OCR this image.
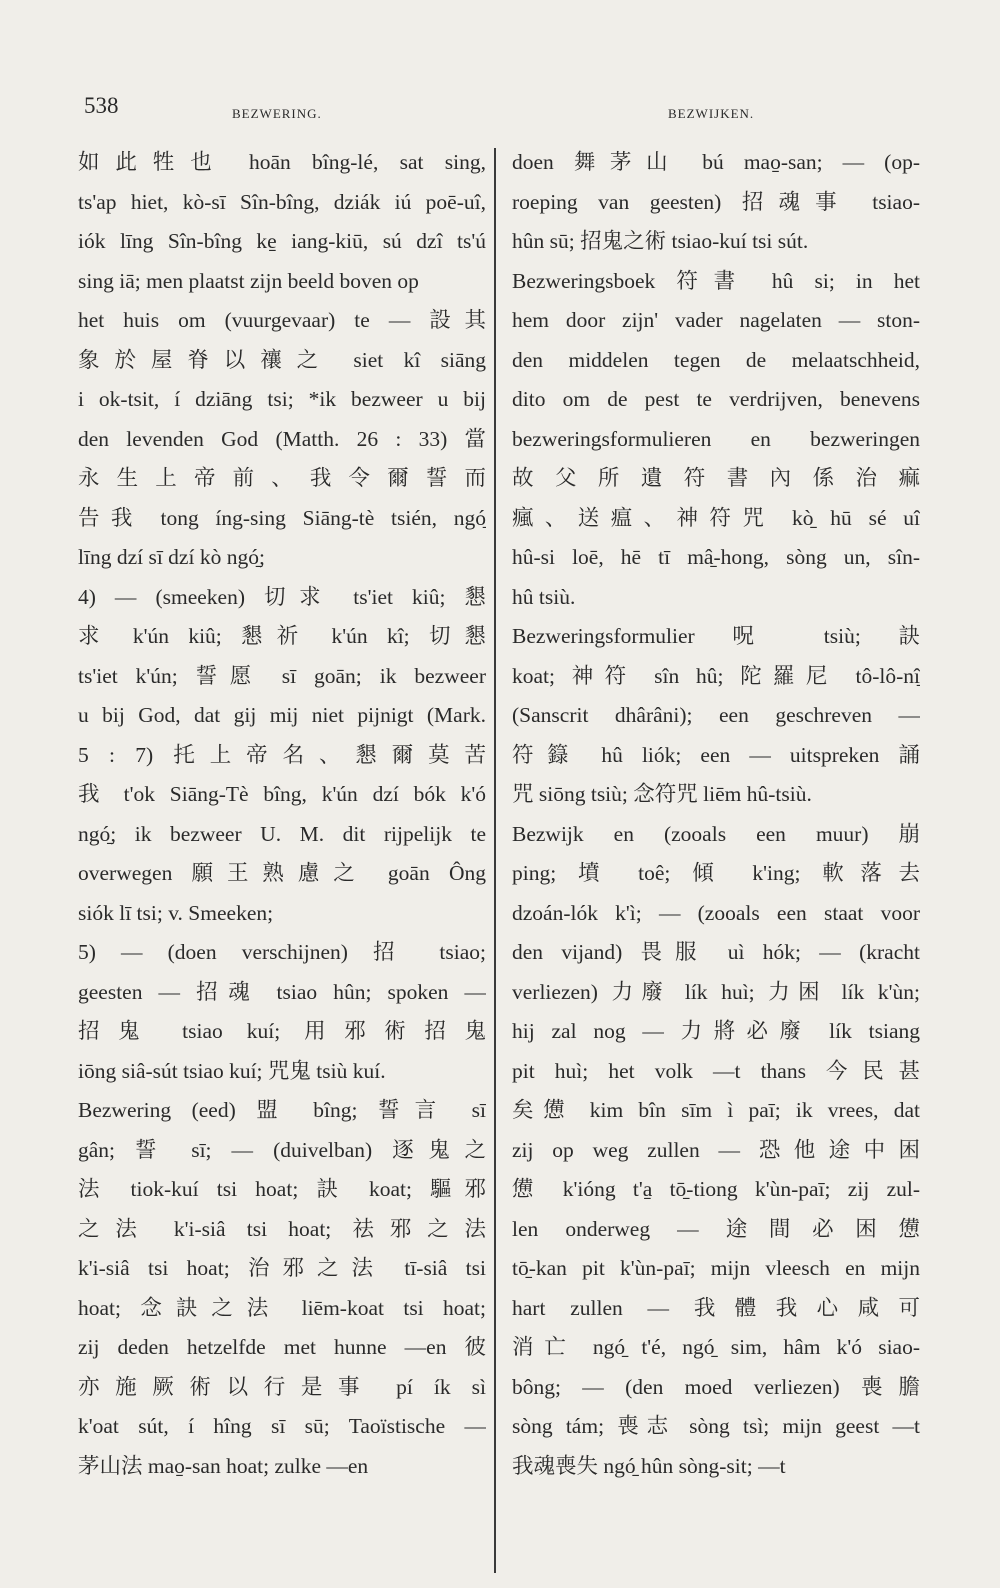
538	BEZWERING.	BEZWIJKEN.
如此牲也 hoān bîng-lé, sat sing,
ts'ap hiet, kò-sī Sîn-bîng, dziák iú poē-uî,
iók līng Sîn-bîng ke̠ iang-kiū, sú dzî ts'ú
sing iā; men plaatst zijn beeld boven op
het huis om (vuurgevaar) te — 設其
象於屋脊以禳之 siet kî siāng
i ok-tsit, í dziāng tsi; *ik bezweer u bij
den levenden God (Matth. 26 : 33) 當
永生上帝前、我令爾誓而
告我 tong íng-sing Siāng-tè tsién, ngó̠
līng dzí sī dzí kò ngó̠;
4) — (smeeken) 切求 ts'iet kiû; 懇
求 k'ún kiû; 懇祈 k'ún kî; 切懇
ts'iet k'ún; 誓愿 sī goān; ik bezweer
u bij God, dat gij mij niet pijnigt (Mark.
5 : 7) 托上帝名、懇爾莫苦
我 t'ok Siāng-Tè bîng, k'ún dzí bók k'ó
ngó̠; ik bezweer U. M. dit rijpelijk te
overwegen 願王熟慮之 goān Ông
siók lī tsi; v. Smeeken;
5) — (doen verschijnen) 招 tsiao;
geesten — 招魂 tsiao hûn; spoken —
招鬼 tsiao kuí; 用邪術招鬼
iōng siâ-sút tsiao kuí; 咒鬼 tsiù kuí.
Bezwering (eed) 盟 bîng; 誓言 sī
gân; 誓 sī; — (duivelban) 逐鬼之
法 tiok-kuí tsi hoat; 訣 koat; 驅邪
之法 k'i-siâ tsi hoat; 祛邪之法
k'i-siâ tsi hoat; 治邪之法 tī-siâ tsi
hoat; 念訣之法 liēm-koat tsi hoat;
zij deden hetzelfde met hunne —en 彼
亦施厥術以行是事 pí ík sì
k'oat sút, í hîng sī sū; Taoïstische —
茅山法 mao̠-san hoat; zulke —en
doen 舞茅山 bú mao̠-san; — (op-
roeping van geesten) 招魂事 tsiao-
hûn sū; 招鬼之術 tsiao-kuí tsi sút.
Bezweringsboek 符書 hû si; in het
hem door zijn' vader nagelaten — ston-
den middelen tegen de melaatschheid,
dito om de pest te verdrijven, benevens
bezweringsformulieren en bezweringen
故父所遺符書內係治痲
瘋、送瘟、神符咒 kò̠ hū sé uî
hû-si loē, hē tī mâ̠-hong, sòng un, sîn-
hû tsiù.
Bezweringsformulier 呪 tsiù; 訣
koat; 神符 sîn hû; 陀羅尼 tô-lô-nî̠
(Sanscrit dhârâni); een geschreven —
符籙 hû liók; een — uitspreken 誦
咒 siōng tsiù; 念符咒 liēm hû-tsiù.
Bezwijk en (zooals een muur) 崩
ping; 墳 toê; 傾 k'ing; 軟落去
dzoán-lók k'ì; — (zooals een staat voor
den vijand) 畏服 uì hók; — (kracht
verliezen) 力廢 lík huì; 力困 lík k'ùn;
hij zal nog — 力將必廢 lík tsiang
pit huì; het volk —t thans 今民甚
矣憊 kim bîn sīm ì paī; ik vrees, dat
zij op weg zullen — 恐他途中困
憊 k'ióng t'a̠ tō̠-tiong k'ùn-paī; zij zul-
len onderweg — 途間必困憊
tō̠-kan pit k'ùn-paī; mijn vleesch en mijn
hart zullen — 我體我心咸可
消亡 ngó̠ t'é, ngó̠ sim, hâm k'ó siao-
bông; — (den moed verliezen) 喪膽
sòng tám; 喪志 sòng tsì; mijn geest —t
我魂喪失 ngó̠ hûn sòng-sit; —t
